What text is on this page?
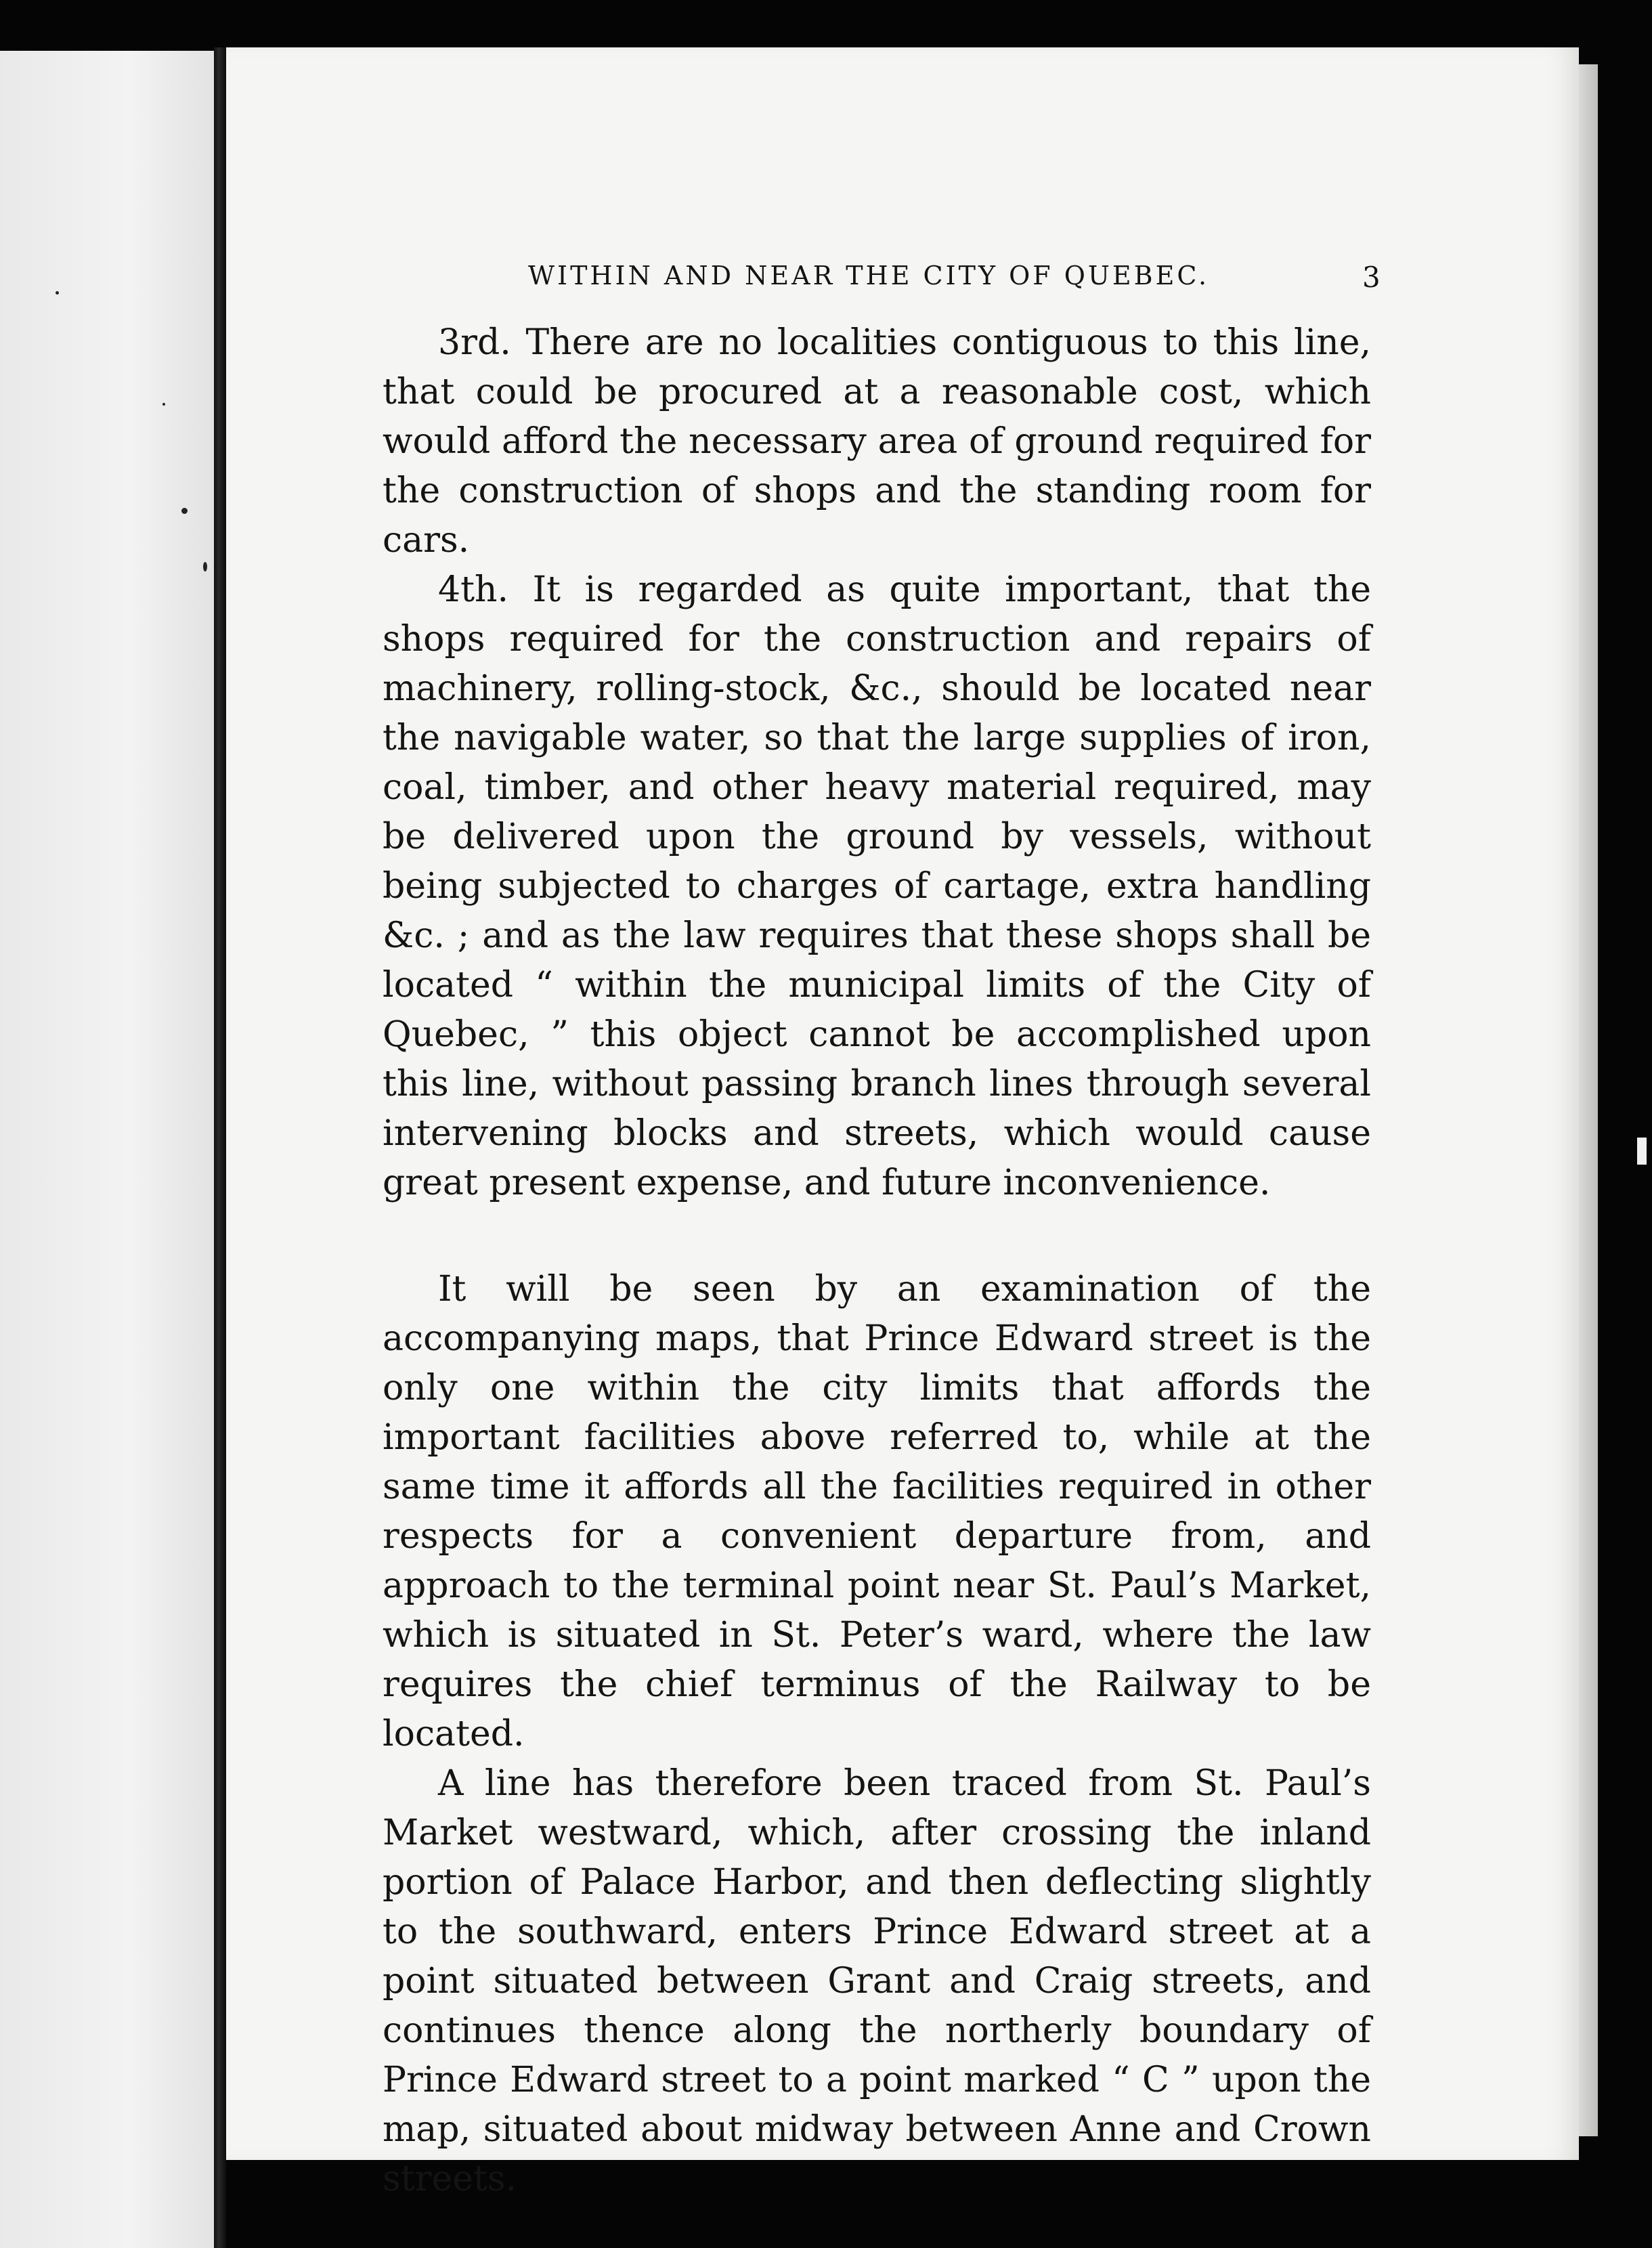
WITHIN AND NEAR THE CITY OF QUEBEC.	3

3rd. There are no localities contiguous to this line, that could be procured at a reasonable cost, which would afford the necessary area of ground required for the construction of shops and the standing room for cars.

4th. It is regarded as quite important, that the shops required for the construction and repairs of machinery, rolling-stock, &c., should be located near the navigable water, so that the large supplies of iron, coal, timber, and other heavy material required, may be delivered upon the ground by vessels, without being subjected to charges of cartage, extra handling &c. ; and as the law requires that these shops shall be located “ within the municipal limits of the City of Quebec, ” this object cannot be accomplished upon this line, without passing branch lines through several intervening blocks and streets, which would cause great present expense, and future inconvenience.

It will be seen by an examination of the accompanying maps, that Prince Edward street is the only one within the city limits that affords the important facilities above referred to, while at the same time it affords all the facilities required in other respects for a convenient departure from, and approach to the terminal point near St. Paul’s Market, which is situated in St. Peter’s ward, where the law requires the chief terminus of the Railway to be located.

A line has therefore been traced from St. Paul’s Market westward, which, after crossing the inland portion of Palace Harbor, and then deflecting slightly to the southward, enters Prince Edward street at a point situated between Grant and Craig streets, and continues thence along the northerly boundary of Prince Edward street to a point marked “ C ” upon the map, situated about midway between Anne and Crown streets.
